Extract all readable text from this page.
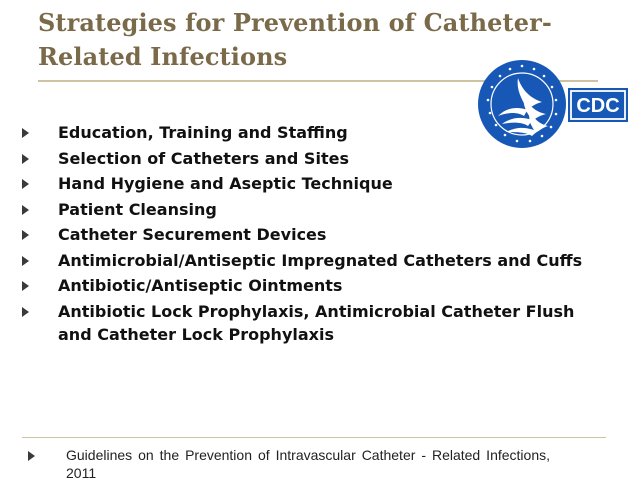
Strategies for Prevention of Catheter-Related Infections
CDC
Education, Training and Staffing
Selection of Catheters and Sites
Hand Hygiene and Aseptic Technique
Patient Cleansing
Catheter Securement Devices
Antimicrobial/Antiseptic Impregnated Catheters and Cuffs
Antibiotic/Antiseptic Ointments
Antibiotic Lock Prophylaxis, Antimicrobial Catheter Flush and Catheter Lock Prophylaxis
Guidelines on the Prevention of Intravascular Catheter - Related Infections, 2011
